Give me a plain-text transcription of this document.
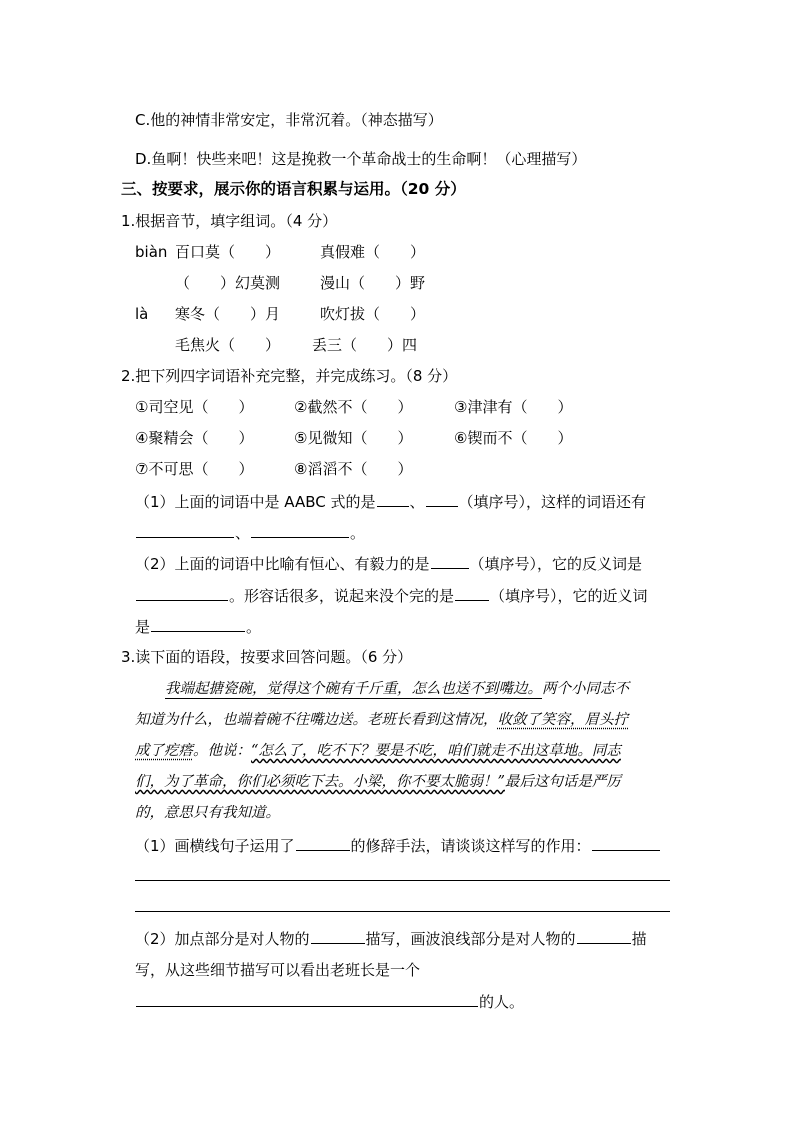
C.他的神情非常安定，非常沉着。（神态描写）
D.鱼啊！快些来吧！这是挽救一个革命战士的生命啊！（心理描写）
三、按要求，展示你的语言积累与运用。（20 分）
1.根据音节，填字组词。（4 分）
biàn 百口莫（　　）	真假难（　　）
（　　）幻莫测	漫山（　　）野
là 寒冬（　　）月	吹灯拔（　　）
毛焦火（　　） 丢三（　　）四
2.把下列四字词语补充完整，并完成练习。（8 分）
①司空见（　　）	②截然不（　　）	③津津有（　　）
④聚精会（　　）	⑤见微知（　　）	⑥锲而不（　　）
⑦不可思（　　）	⑧滔滔不（　　）
（1）上面的词语中是 AABC 式的是 、 （填序号），这样的词语还有
、	。
（2）上面的词语中比喻有恒心、有毅力的是	（填序号），它的反义词是
。形容话很多，说起来没个完的是 （填序号），它的近义词
是	。
3.读下面的语段，按要求回答问题。（6 分）
我端起搪瓷碗，觉得这个碗有千斤重，怎么也送不到嘴边。两个小同志不
知道为什么，也端着碗不往嘴边送。老班长看到这情况，收敛了笑容，眉头拧
成了疙瘩。他说：“怎么了，吃不下？要是不吃，咱们就走不出这草地。同志
们，为了革命，你们必须吃下去。小梁，你不要太脆弱！”最后这句话是严厉
的，意思只有我知道。
（1）画横线句子运用了	的修辞手法，请谈谈这样写的作用：
（2）加点部分是对人物的	描写，画波浪线部分是对人物的	描
写，从这些细节描写可以看出老班长是一个
的人。
